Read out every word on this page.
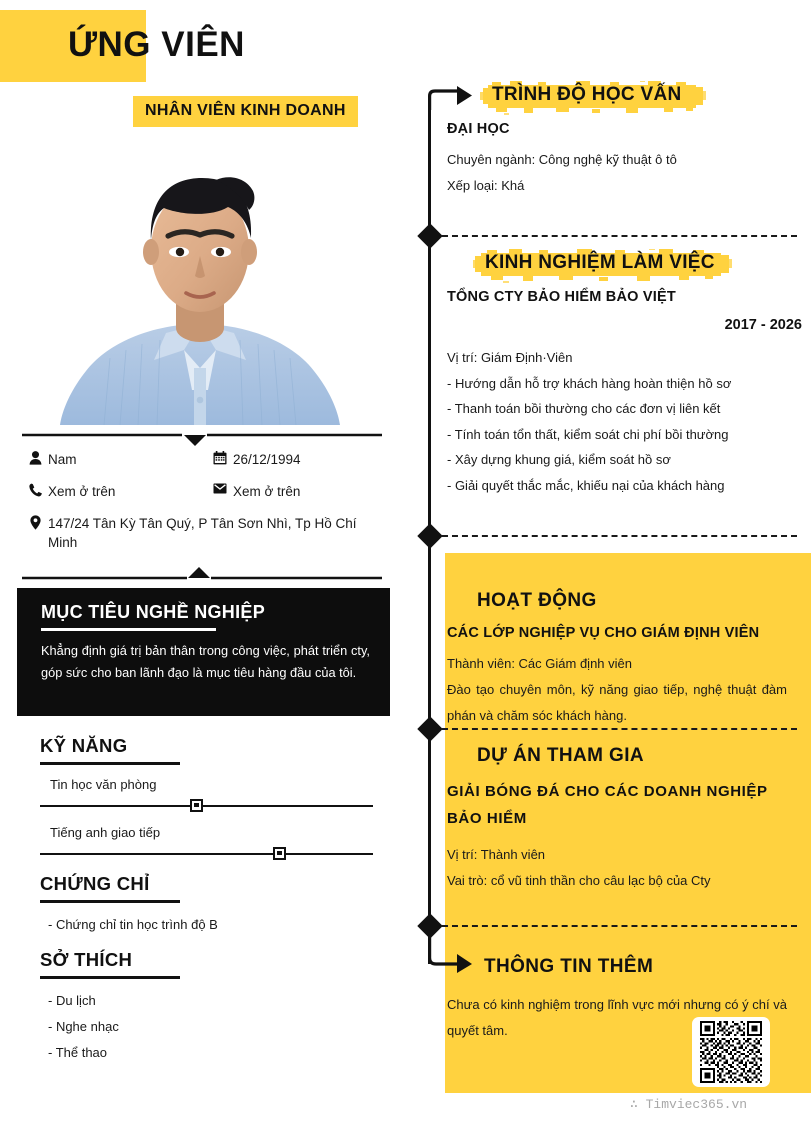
ỨNG VIÊN
NHÂN VIÊN KINH DOANH
Nam	26/12/1994
Xem ở trên	Xem ở trên
147/24 Tân Kỳ Tân Quý, P Tân Sơn Nhì, Tp Hồ Chí Minh
MỤC TIÊU NGHỀ NGHIỆP
Khẳng định giá trị bản thân trong công việc, phát triển cty, góp sức cho ban lãnh đạo là mục tiêu hàng đầu của tôi.
KỸ NĂNG
Tin học văn phòng
Tiếng anh giao tiếp
CHỨNG CHỈ
- Chứng chỉ tin học trình độ B
SỞ THÍCH
- Du lịch
- Nghe nhạc
- Thể thao
TRÌNH ĐỘ HỌC VẤN
ĐẠI HỌC
Chuyên ngành: Công nghệ kỹ thuật ô tô
Xếp loại: Khá
KINH NGHIỆM LÀM VIỆC
TỔNG CTY BẢO HIỂM BẢO VIỆT
2017 - 2026
Vị trí: Giám Định·Viên
- Hướng dẫn hỗ trợ khách hàng hoàn thiện hồ sơ
- Thanh toán bồi thường cho các đơn vị liên kết
- Tính toán tổn thất, kiểm soát chi phí bồi thường
- Xây dựng khung giá, kiểm soát hồ sơ
- Giải quyết thắc mắc, khiếu nại của khách hàng
HOẠT ĐỘNG
CÁC LỚP NGHIỆP VỤ CHO GIÁM ĐỊNH VIÊN
Thành viên: Các Giám định viên
Đào tạo chuyên môn, kỹ năng giao tiếp, nghệ thuật đàm phán và chăm sóc khách hàng.
DỰ ÁN THAM GIA
GIẢI BÓNG ĐÁ CHO CÁC DOANH NGHIỆP BẢO HIỂM
Vị trí: Thành viên
Vai trò: cổ vũ tinh thần cho câu lạc bộ của Cty
THÔNG TIN THÊM
Chưa có kinh nghiệm trong lĩnh vực mới nhưng có ý chí và quyết tâm.
∴ Timviec365.vn
